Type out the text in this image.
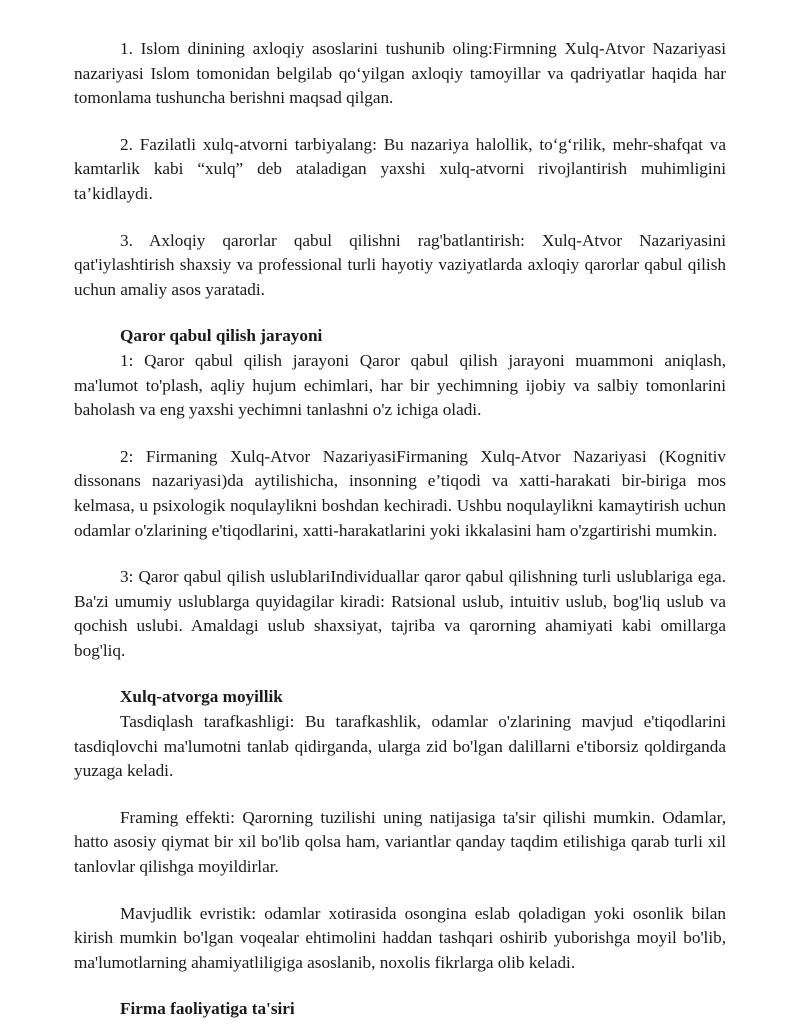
1. Islom dinining axloqiy asoslarini tushunib oling:Firmning Xulq-Atvor Nazariyasi nazariyasi Islom tomonidan belgilab qo‘yilgan axloqiy tamoyillar va qadriyatlar haqida har tomonlama tushuncha berishni maqsad qilgan.

2. Fazilatli xulq-atvorni tarbiyalang: Bu nazariya halollik, to‘g‘rilik, mehr-shafqat va kamtarlik kabi “xulq” deb ataladigan yaxshi xulq-atvorni rivojlantirish muhimligini ta’kidlaydi.

3. Axloqiy qarorlar qabul qilishni rag'batlantirish: Xulq-Atvor Nazariyasini qat'iylashtirish shaxsiy va professional turli hayotiy vaziyatlarda axloqiy qarorlar qabul qilish uchun amaliy asos yaratadi.

Qaror qabul qilish jarayoni

1: Qaror qabul qilish jarayoni Qaror qabul qilish jarayoni muammoni aniqlash, ma'lumot to'plash, aqliy hujum echimlari, har bir yechimning ijobiy va salbiy tomonlarini baholash va eng yaxshi yechimni tanlashni o'z ichiga oladi.

2: Firmaning Xulq-Atvor NazariyasiFirmaning Xulq-Atvor Nazariyasi (Kognitiv dissonans nazariyasi)da aytilishicha, insonning e’tiqodi va xatti-harakati bir-biriga mos kelmasa, u psixologik noqulaylikni boshdan kechiradi. Ushbu noqulaylikni kamaytirish uchun odamlar o'zlarining e'tiqodlarini, xatti-harakatlarini yoki ikkalasini ham o'zgartirishi mumkin.

3: Qaror qabul qilish uslublariIndividuallar qaror qabul qilishning turli uslublariga ega. Ba'zi umumiy uslublarga quyidagilar kiradi: Ratsional uslub, intuitiv uslub, bog'liq uslub va qochish uslubi. Amaldagi uslub shaxsiyat, tajriba va qarorning ahamiyati kabi omillarga bog'liq.

Xulq-atvorga moyillik

Tasdiqlash tarafkashligi: Bu tarafkashlik, odamlar o'zlarining mavjud e'tiqodlarini tasdiqlovchi ma'lumotni tanlab qidirganda, ularga zid bo'lgan dalillarni e'tiborsiz qoldirganda yuzaga keladi.

Framing effekti: Qarorning tuzilishi uning natijasiga ta'sir qilishi mumkin. Odamlar, hatto asosiy qiymat bir xil bo'lib qolsa ham, variantlar qanday taqdim etilishiga qarab turli xil tanlovlar qilishga moyildirlar.

Mavjudlik evristik: odamlar xotirasida osongina eslab qoladigan yoki osonlik bilan kirish mumkin bo'lgan voqealar ehtimolini haddan tashqari oshirib yuborishga moyil bo'lib, ma'lumotlarning ahamiyatliligiga asoslanib, noxolis fikrlarga olib keladi.

Firma faoliyatiga ta'siri
